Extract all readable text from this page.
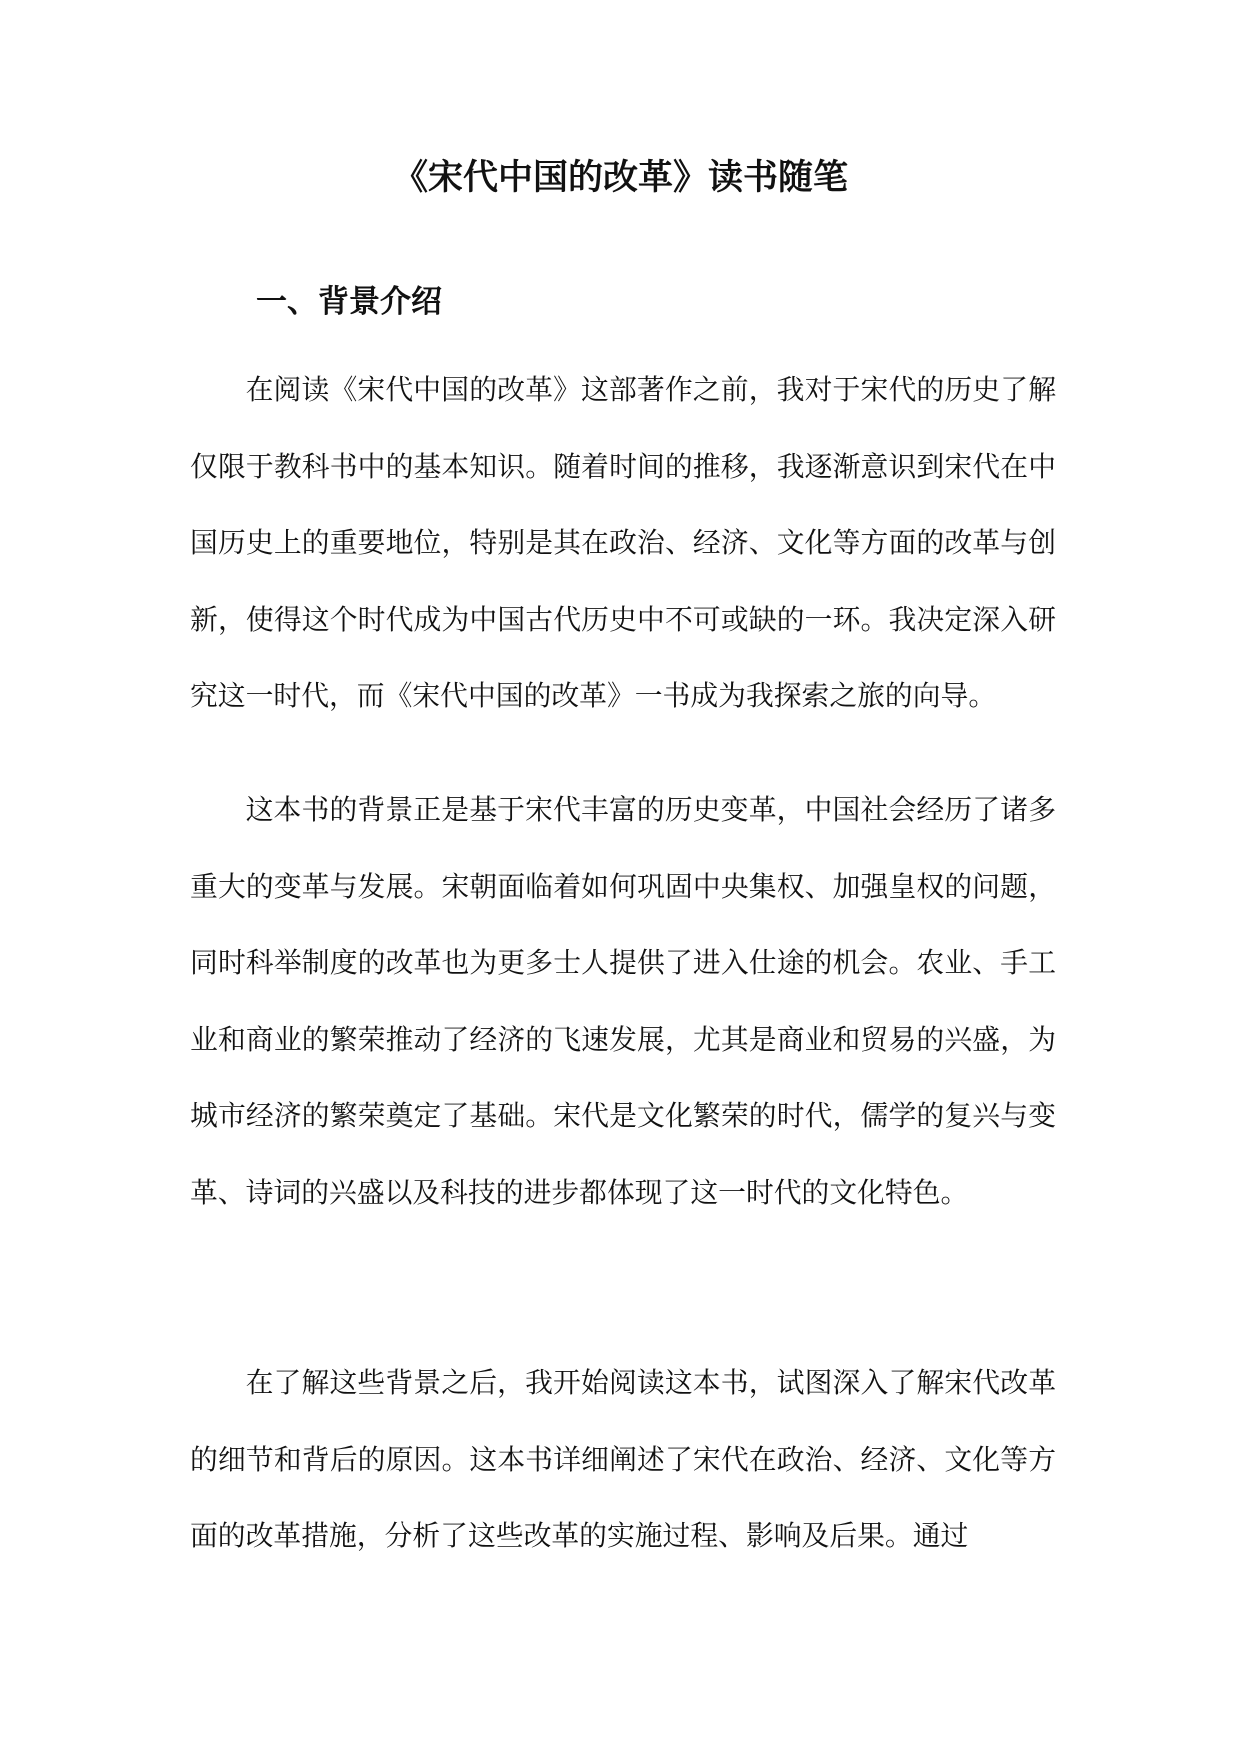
《宋代中国的改革》读书随笔
一、背景介绍

在阅读《宋代中国的改革》这部著作之前，我对于宋代的历史了解仅限于教科书中的基本知识。随着时间的推移，我逐渐意识到宋代在中国历史上的重要地位，特别是其在政治、经济、文化等方面的改革与创新，使得这个时代成为中国古代历史中不可或缺的一环。我决定深入研究这一时代，而《宋代中国的改革》一书成为我探索之旅的向导。

这本书的背景正是基于宋代丰富的历史变革，中国社会经历了诸多重大的变革与发展。宋朝面临着如何巩固中央集权、加强皇权的问题，同时科举制度的改革也为更多士人提供了进入仕途的机会。农业、手工业和商业的繁荣推动了经济的飞速发展，尤其是商业和贸易的兴盛，为城市经济的繁荣奠定了基础。宋代是文化繁荣的时代，儒学的复兴与变革、诗词的兴盛以及科技的进步都体现了这一时代的文化特色。

在了解这些背景之后，我开始阅读这本书，试图深入了解宋代改革的细节和背后的原因。这本书详细阐述了宋代在政治、经济、文化等方面的改革措施，分析了这些改革的实施过程、影响及后果。通过
